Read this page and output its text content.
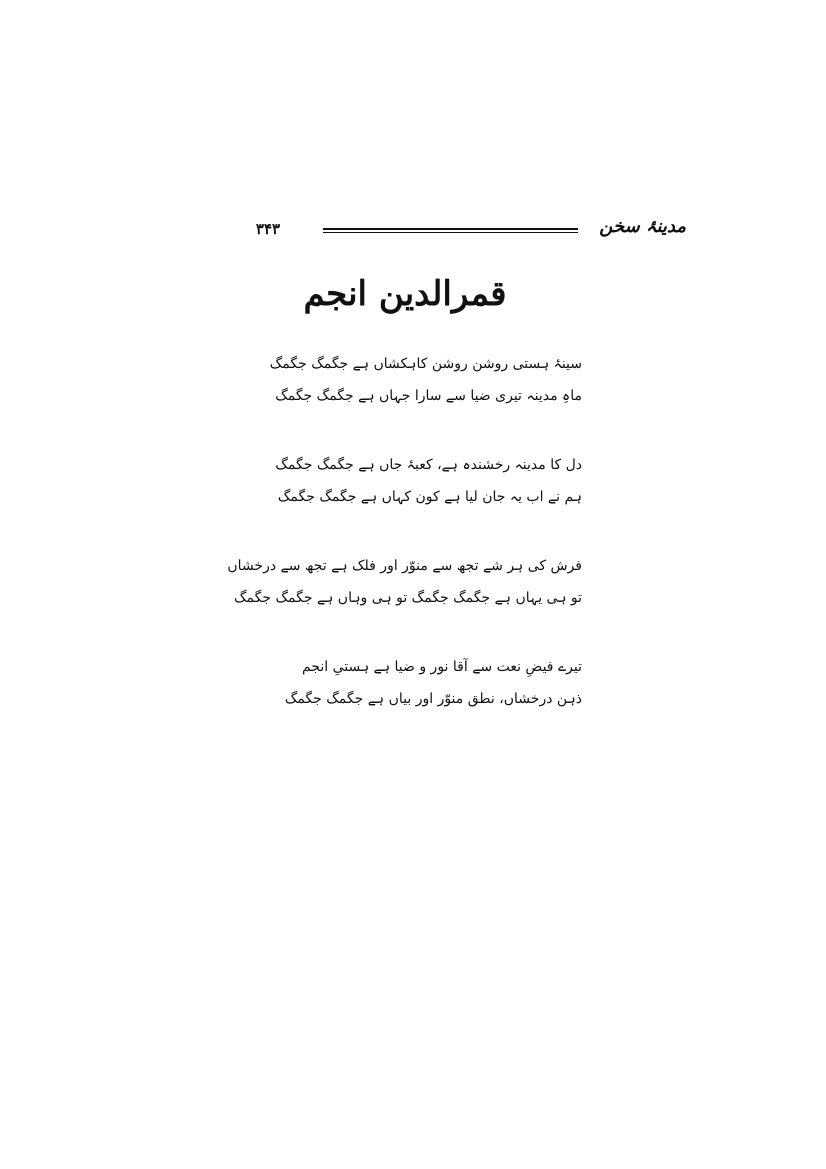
۳۴۳	مدینۂ سخن
قمرالدین انجم
سینۂ ہستی روشن روشن کاہکشاں ہے جگمگ جگمگ
ماہِ مدینہ تیری ضیا سے سارا جہاں ہے جگمگ جگمگ
دل کا مدینہ رخشندہ ہے، کعبۂ جاں ہے جگمگ جگمگ
ہم نے اب یہ جان لیا ہے کون کہاں ہے جگمگ جگمگ
فرش کی ہر شے تجھ سے منوّر اور فلک ہے تجھ سے درخشاں
تو ہی یہاں ہے جگمگ جگمگ تو ہی وہاں ہے جگمگ جگمگ
تیرے فیضِ نعت سے آقا نور و ضیا ہے ہستیِ انجم
ذہن درخشاں، نطق منوّر اور بیاں ہے جگمگ جگمگ
